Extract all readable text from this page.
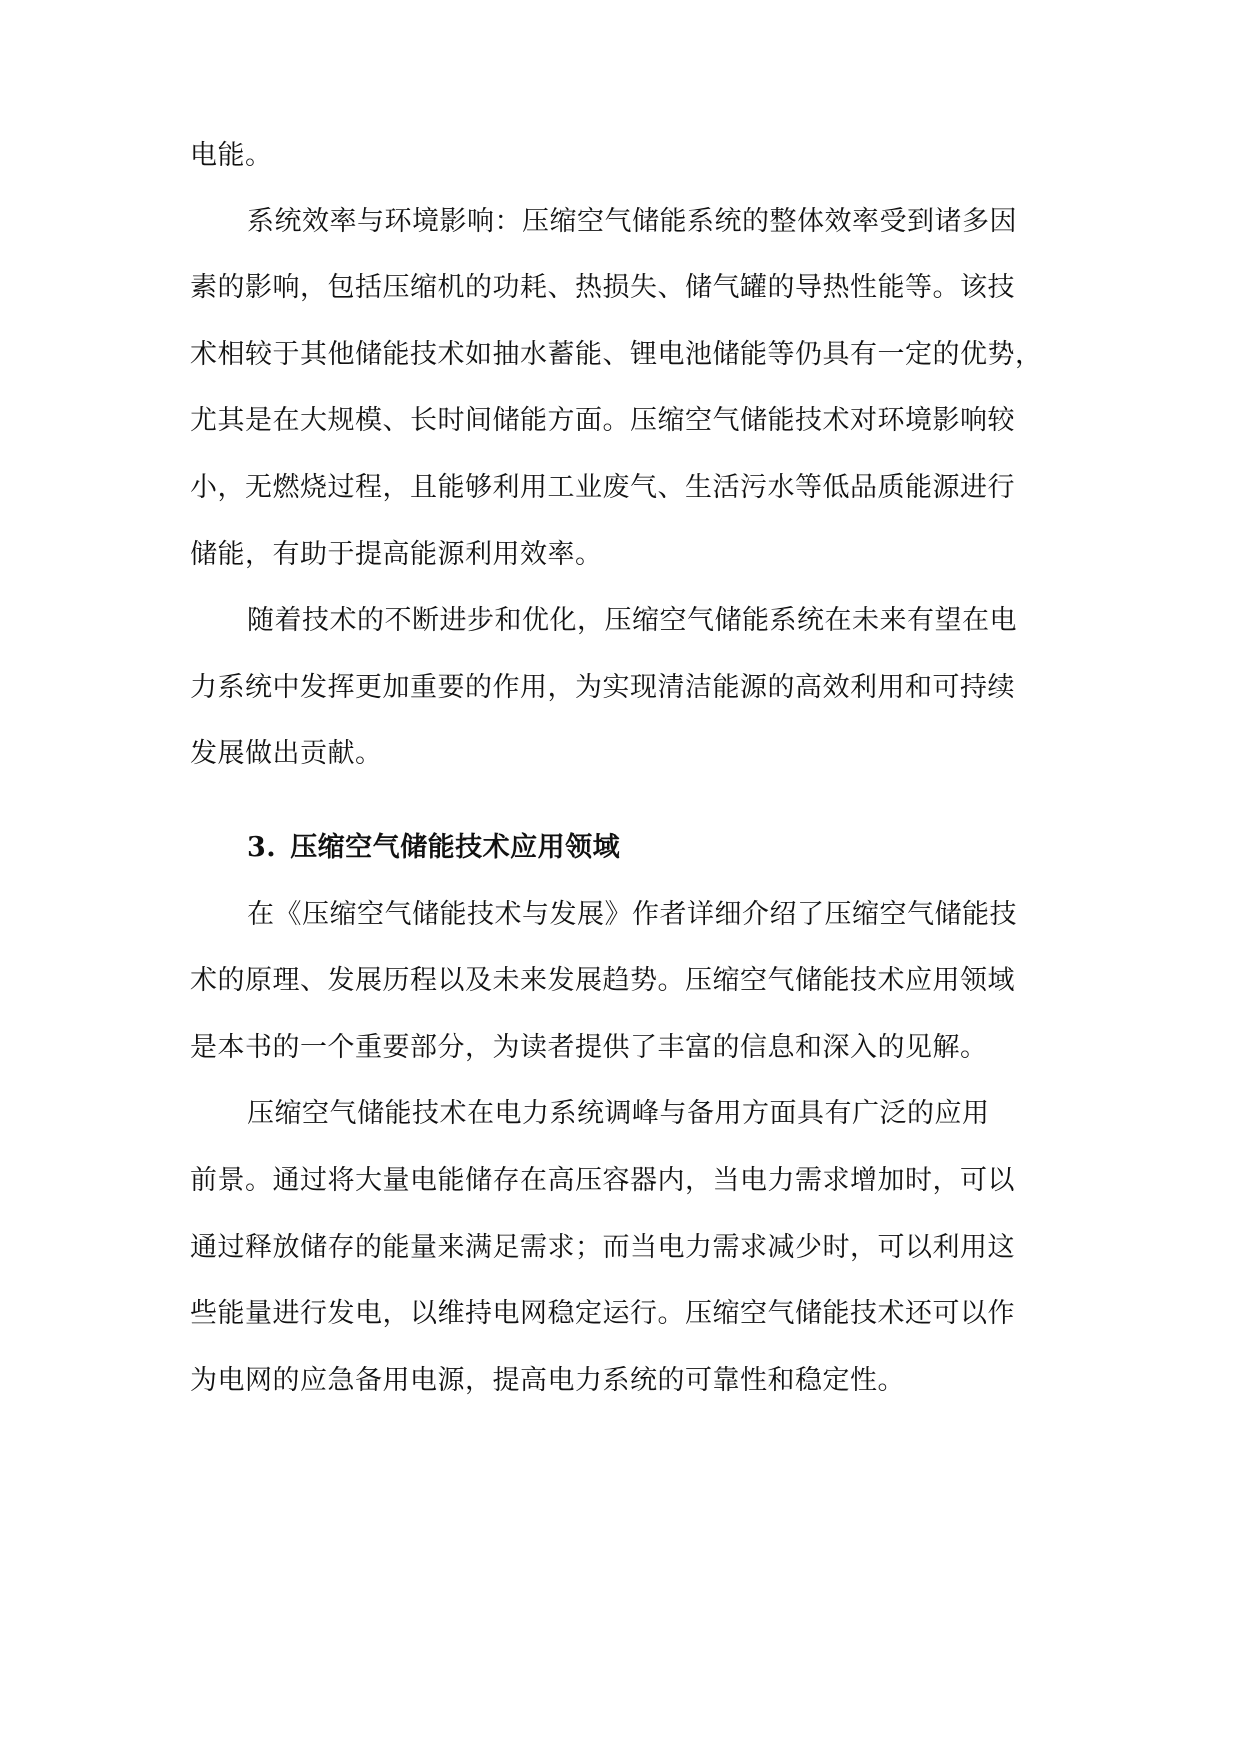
电能。
系统效率与环境影响：压缩空气储能系统的整体效率受到诸多因
素的影响，包括压缩机的功耗、热损失、储气罐的导热性能等。该技
术相较于其他储能技术如抽水蓄能、锂电池储能等仍具有一定的优势，
尤其是在大规模、长时间储能方面。压缩空气储能技术对环境影响较
小，无燃烧过程，且能够利用工业废气、生活污水等低品质能源进行
储能，有助于提高能源利用效率。
随着技术的不断进步和优化，压缩空气储能系统在未来有望在电
力系统中发挥更加重要的作用，为实现清洁能源的高效利用和可持续
发展做出贡献。
3. 压缩空气储能技术应用领域
在《压缩空气储能技术与发展》作者详细介绍了压缩空气储能技
术的原理、发展历程以及未来发展趋势。压缩空气储能技术应用领域
是本书的一个重要部分，为读者提供了丰富的信息和深入的见解。
压缩空气储能技术在电力系统调峰与备用方面具有广泛的应用
前景。通过将大量电能储存在高压容器内，当电力需求增加时，可以
通过释放储存的能量来满足需求；而当电力需求减少时，可以利用这
些能量进行发电，以维持电网稳定运行。压缩空气储能技术还可以作
为电网的应急备用电源，提高电力系统的可靠性和稳定性。
